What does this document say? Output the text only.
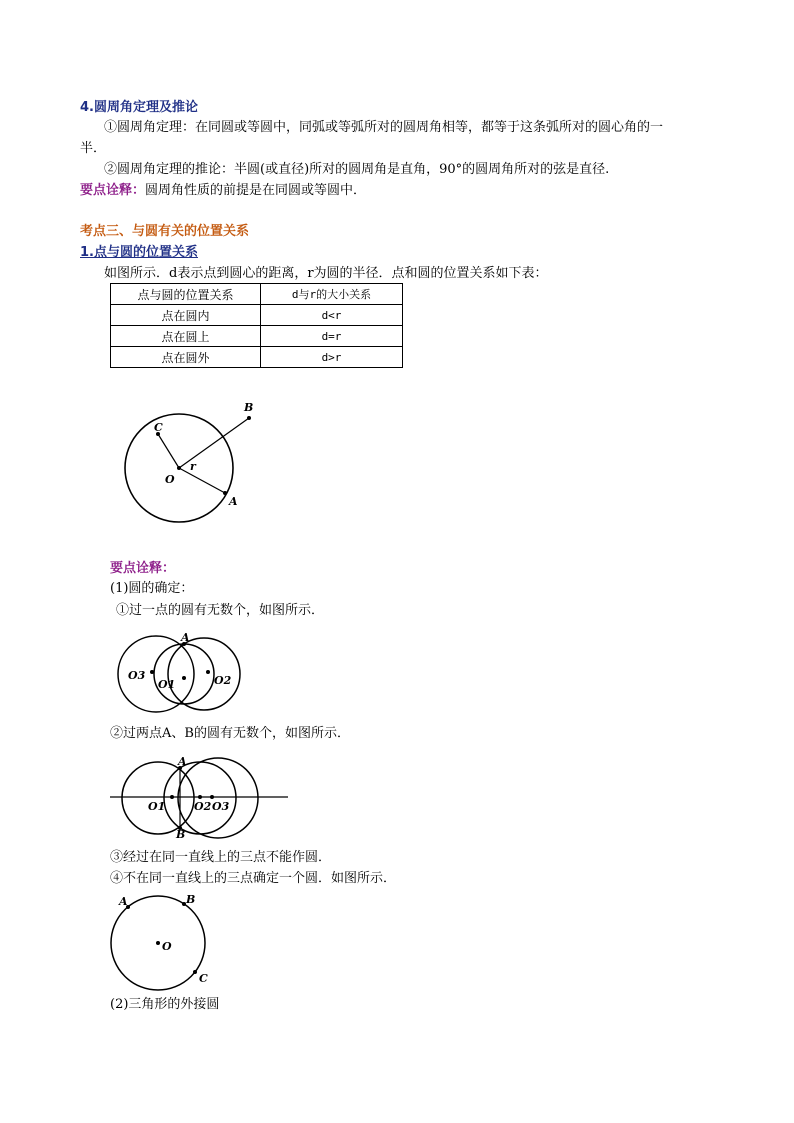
4.圆周角定理及推论
①圆周角定理：在同圆或等圆中，同弧或等弧所对的圆周角相等，都等于这条弧所对的圆心角的一
半．
②圆周角定理的推论：半圆(或直径)所对的圆周角是直角，90°的圆周角所对的弦是直径.
要点诠释：圆周角性质的前提是在同圆或等圆中．
考点三、与圆有关的位置关系
1.点与圆的位置关系
如图所示．d表示点到圆心的距离，r为圆的半径．点和圆的位置关系如下表：
点与圆的位置关系	d与r的大小关系
点在圆内	d<r
点在圆上	d=r
点在圆外	d>r
B
C
r
O
A
要点诠释：
(1)圆的确定：
①过一点的圆有无数个，如图所示．
A
O3
O1	O2
②过两点A、B的圆有无数个，如图所示．
A
O1	O2 O3
B
③经过在同一直线上的三点不能作圆．
④不在同一直线上的三点确定一个圆．如图所示．
A	B
O
C
(2)三角形的外接圆
